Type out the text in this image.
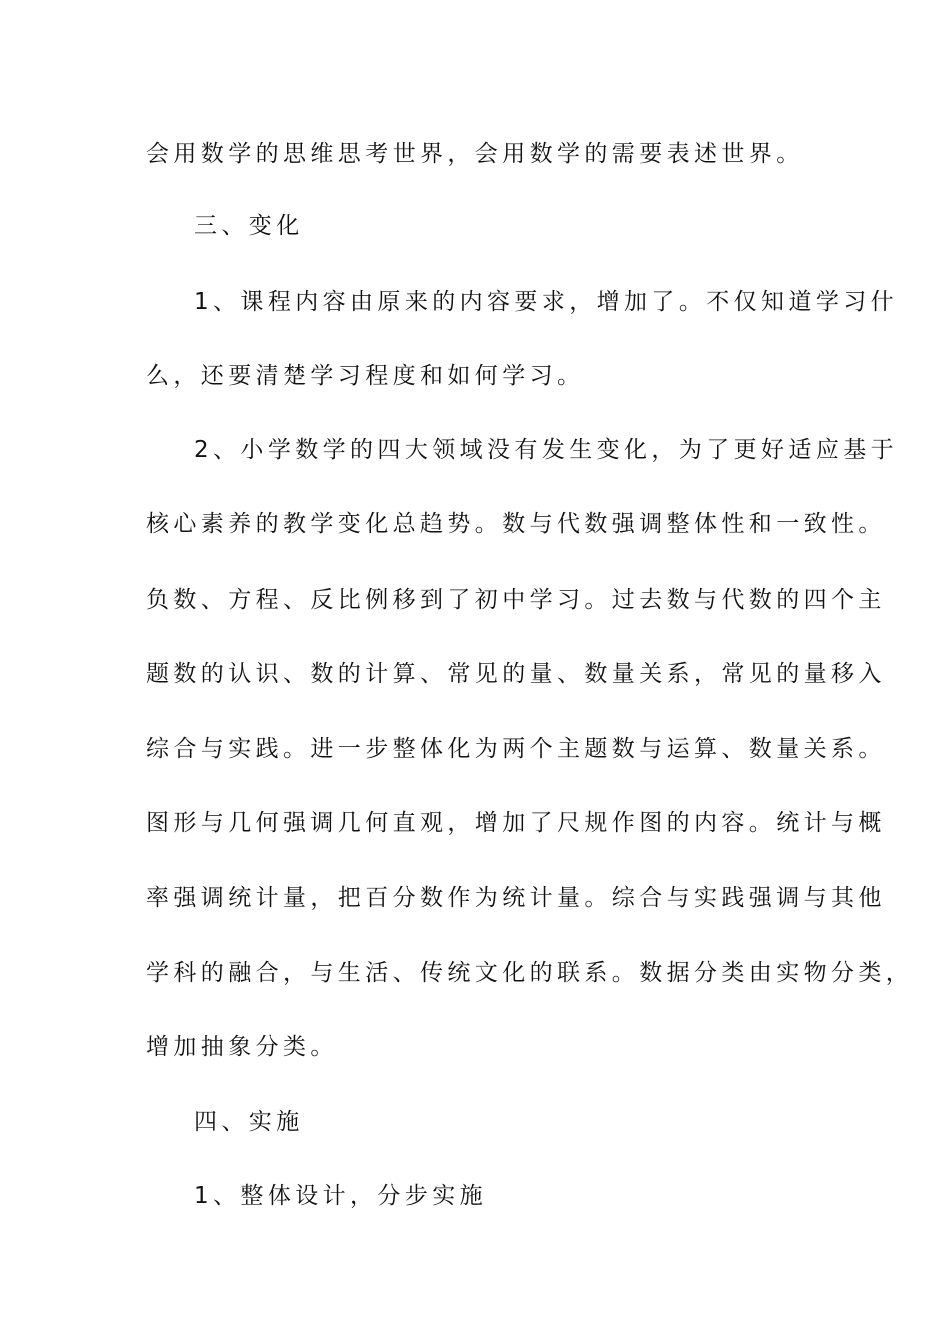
会用数学的思维思考世界，会用数学的需要表述世界。
三、变化
1、课程内容由原来的内容要求，增加了。不仅知道学习什
么，还要清楚学习程度和如何学习。
2、小学数学的四大领域没有发生变化，为了更好适应基于
核心素养的教学变化总趋势。数与代数强调整体性和一致性。
负数、方程、反比例移到了初中学习。过去数与代数的四个主
题数的认识、数的计算、常见的量、数量关系，常见的量移入
综合与实践。进一步整体化为两个主题数与运算、数量关系。
图形与几何强调几何直观，增加了尺规作图的内容。统计与概
率强调统计量，把百分数作为统计量。综合与实践强调与其他
学科的融合，与生活、传统文化的联系。数据分类由实物分类，
增加抽象分类。
四、实施
1、整体设计，分步实施
